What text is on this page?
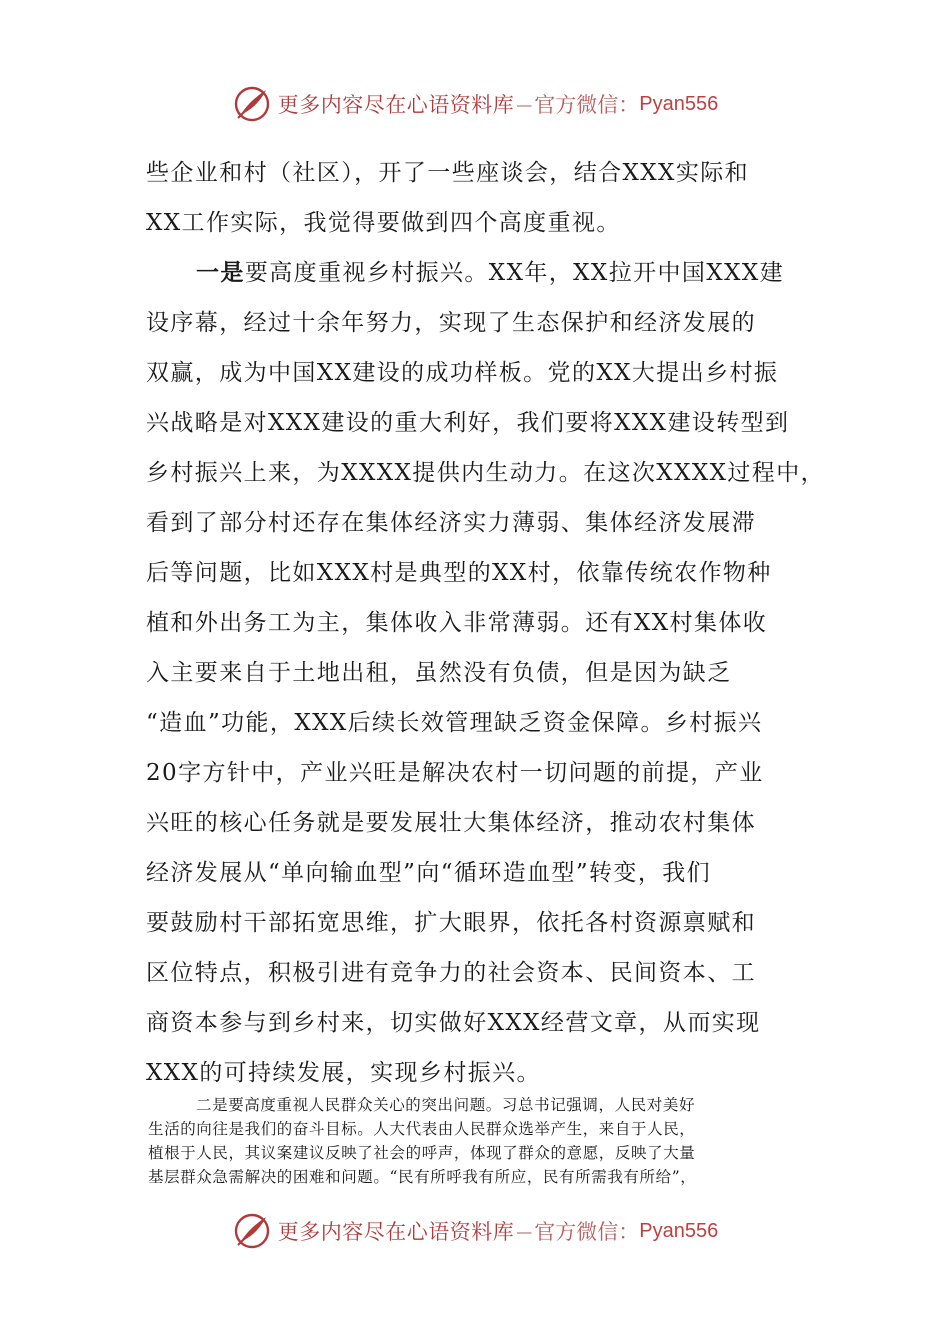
更多内容尽在心语资料库 — 官方微信： Pyan556
些企业和村（社区），开了一些座谈会，结合XXX实际和
XX工作实际，我觉得要做到四个高度重视。
一是要高度重视乡村振兴。XX年，XX拉开中国XXX建
设序幕，经过十余年努力，实现了生态保护和经济发展的
双赢，成为中国XX建设的成功样板。党的XX大提出乡村振
兴战略是对XXX建设的重大利好，我们要将XXX建设转型到
乡村振兴上来，为XXXX提供内生动力。在这次XXXX过程中，
看到了部分村还存在集体经济实力薄弱、集体经济发展滞
后等问题，比如XXX村是典型的XX村，依靠传统农作物种
植和外出务工为主，集体收入非常薄弱。还有XX村集体收
入主要来自于土地出租，虽然没有负债，但是因为缺乏
“造血”功能，XXX后续长效管理缺乏资金保障。乡村振兴
20字方针中，产业兴旺是解决农村一切问题的前提，产业
兴旺的核心任务就是要发展壮大集体经济，推动农村集体
经济发展从“单向输血型”向“循环造血型”转变，我们
要鼓励村干部拓宽思维，扩大眼界，依托各村资源禀赋和
区位特点，积极引进有竞争力的社会资本、民间资本、工
商资本参与到乡村来，切实做好XXX经营文章，从而实现
XXX的可持续发展，实现乡村振兴。
二是要高度重视人民群众关心的突出问题。习总书记强调，人民对美好
生活的向往是我们的奋斗目标。人大代表由人民群众选举产生，来自于人民，
植根于人民，其议案建议反映了社会的呼声，体现了群众的意愿，反映了大量
基层群众急需解决的困难和问题。“民有所呼我有所应，民有所需我有所给”，
更多内容尽在心语资料库 — 官方微信： Pyan556
